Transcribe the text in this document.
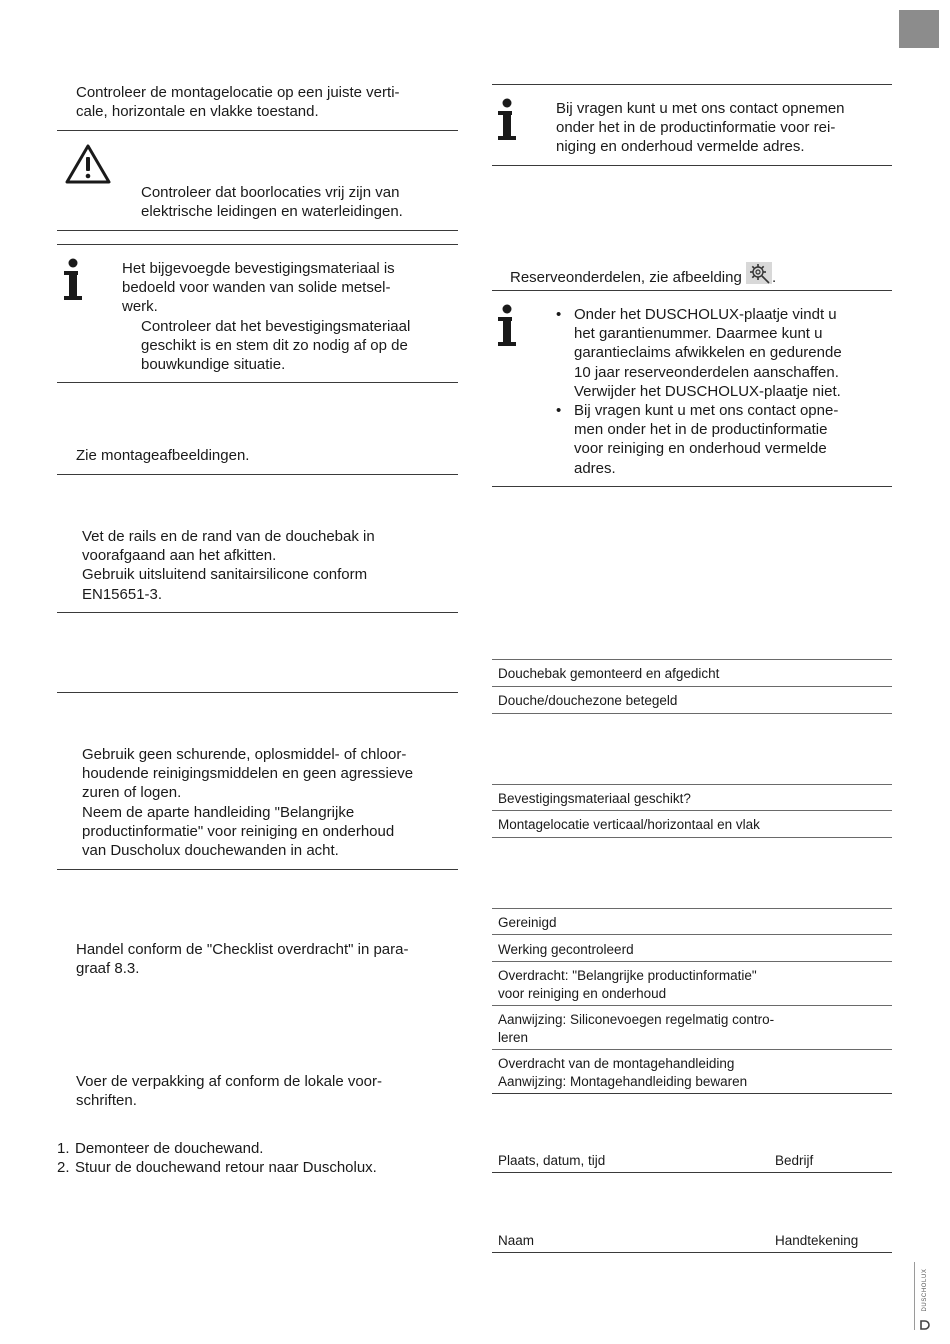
Controleer de montagelocatie op een juiste verti-
cale, horizontale en vlakke toestand.
Controleer dat boorlocaties vrij zijn van
elektrische leidingen en waterleidingen.
Het bijgevoegde bevestigingsmateriaal is
bedoeld voor wanden van solide metsel-
werk.
Controleer dat het bevestigingsmateriaal
geschikt is en stem dit zo nodig af op de
bouwkundige situatie.
Zie montageafbeeldingen.
Vet de rails en de rand van de douchebak in
voorafgaand aan het afkitten.
Gebruik uitsluitend sanitairsilicone conform
EN15651-3.
Gebruik geen schurende, oplosmiddel- of chloor-
houdende reinigingsmiddelen en geen agressieve
zuren of logen.
Neem de aparte handleiding "Belangrijke
productinformatie" voor reiniging en onderhoud
van Duscholux douchewanden in acht.
Handel conform de "Checklist overdracht" in para-
graaf 8.3.
Voer de verpakking af conform de lokale voor-
schriften.
1. Demonteer de douchewand.
2. Stuur de douchewand retour naar Duscholux.
Bij vragen kunt u met ons contact opnemen
onder het in de productinformatie voor rei-
niging en onderhoud vermelde adres.
Reserveonderdelen, zie afbeelding .
• Onder het DUSCHOLUX-plaatje vindt u
het garantienummer. Daarmee kunt u
garantieclaims afwikkelen en gedurende
10 jaar reserveonderdelen aanschaffen.
Verwijder het DUSCHOLUX-plaatje niet.
• Bij vragen kunt u met ons contact opne-
men onder het in de productinformatie
voor reiniging en onderhoud vermelde
adres.
Douchebak gemonteerd en afgedicht
Douche/douchezone betegeld
Bevestigingsmateriaal geschikt?
Montagelocatie verticaal/horizontaal en vlak
Gereinigd
Werking gecontroleerd
Overdracht: "Belangrijke productinformatie"
voor reiniging en onderhoud
Aanwijzing: Siliconevoegen regelmatig contro-
leren
Overdracht van de montagehandleiding
Aanwijzing: Montagehandleiding bewaren
Plaats, datum, tijd	Bedrijf
Naam	Handtekening
DUSCHOLUX
